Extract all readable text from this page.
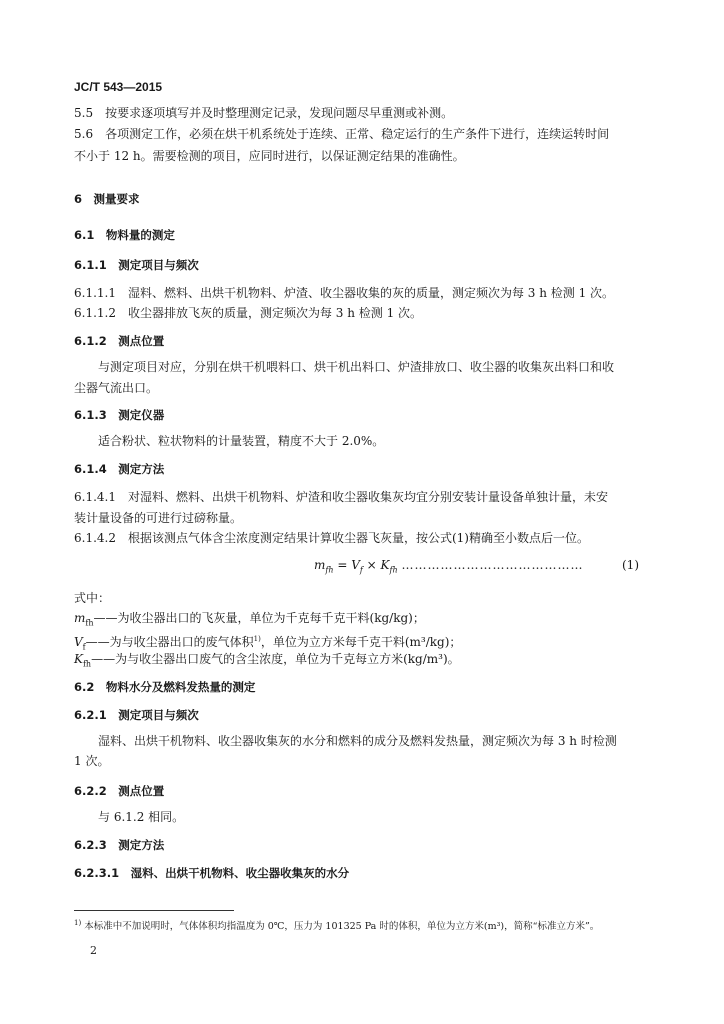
JC/T 543—2015
5.5　按要求逐项填写并及时整理测定记录，发现问题尽早重测或补测。
5.6　各项测定工作，必须在烘干机系统处于连续、正常、稳定运行的生产条件下进行，连续运转时间
不小于 12 h。需要检测的项目，应同时进行，以保证测定结果的准确性。
6　测量要求
6.1　物料量的测定
6.1.1　测定项目与频次
6.1.1.1　湿料、燃料、出烘干机物料、炉渣、收尘器收集的灰的质量，测定频次为每 3 h 检测 1 次。
6.1.1.2　收尘器排放飞灰的质量，测定频次为每 3 h 检测 1 次。
6.1.2　测点位置
与测定项目对应，分别在烘干机喂料口、烘干机出料口、炉渣排放口、收尘器的收集灰出料口和收
尘器气流出口。
6.1.3　测定仪器
适合粉状、粒状物料的计量装置，精度不大于 2.0%。
6.1.4　测定方法
6.1.4.1　对湿料、燃料、出烘干机物料、炉渣和收尘器收集灰均宜分别安装计量设备单独计量，未安
装计量设备的可进行过磅称量。
6.1.4.2　根据该测点气体含尘浓度测定结果计算收尘器飞灰量，按公式(1)精确至小数点后一位。
$m_{fh} = V_f \times K_{fh}$ ……………………………………	(1)
式中：
$m_{fh}——$为收尘器出口的飞灰量，单位为千克每千克干料(kg/kg)；
$V_f——$为与收尘器出口的废气体积$^{1)}$，单位为立方米每千克干料(m³/kg)；
$K_{fh}——$为与收尘器出口废气的含尘浓度，单位为千克每立方米(kg/m³)。
6.2　物料水分及燃料发热量的测定
6.2.1　测定项目与频次
湿料、出烘干机物料、收尘器收集灰的水分和燃料的成分及燃料发热量，测定频次为每 3 h 时检测
1 次。
6.2.2　测点位置
与 6.1.2 相同。
6.2.3　测定方法
6.2.3.1　湿料、出烘干机物料、收尘器收集灰的水分
$^{1)}$ 本标准中不加说明时，气体体积均指温度为 0℃，压力为 101325 Pa 时的体积，单位为立方米(m³)，简称“标准立方米”。
2
